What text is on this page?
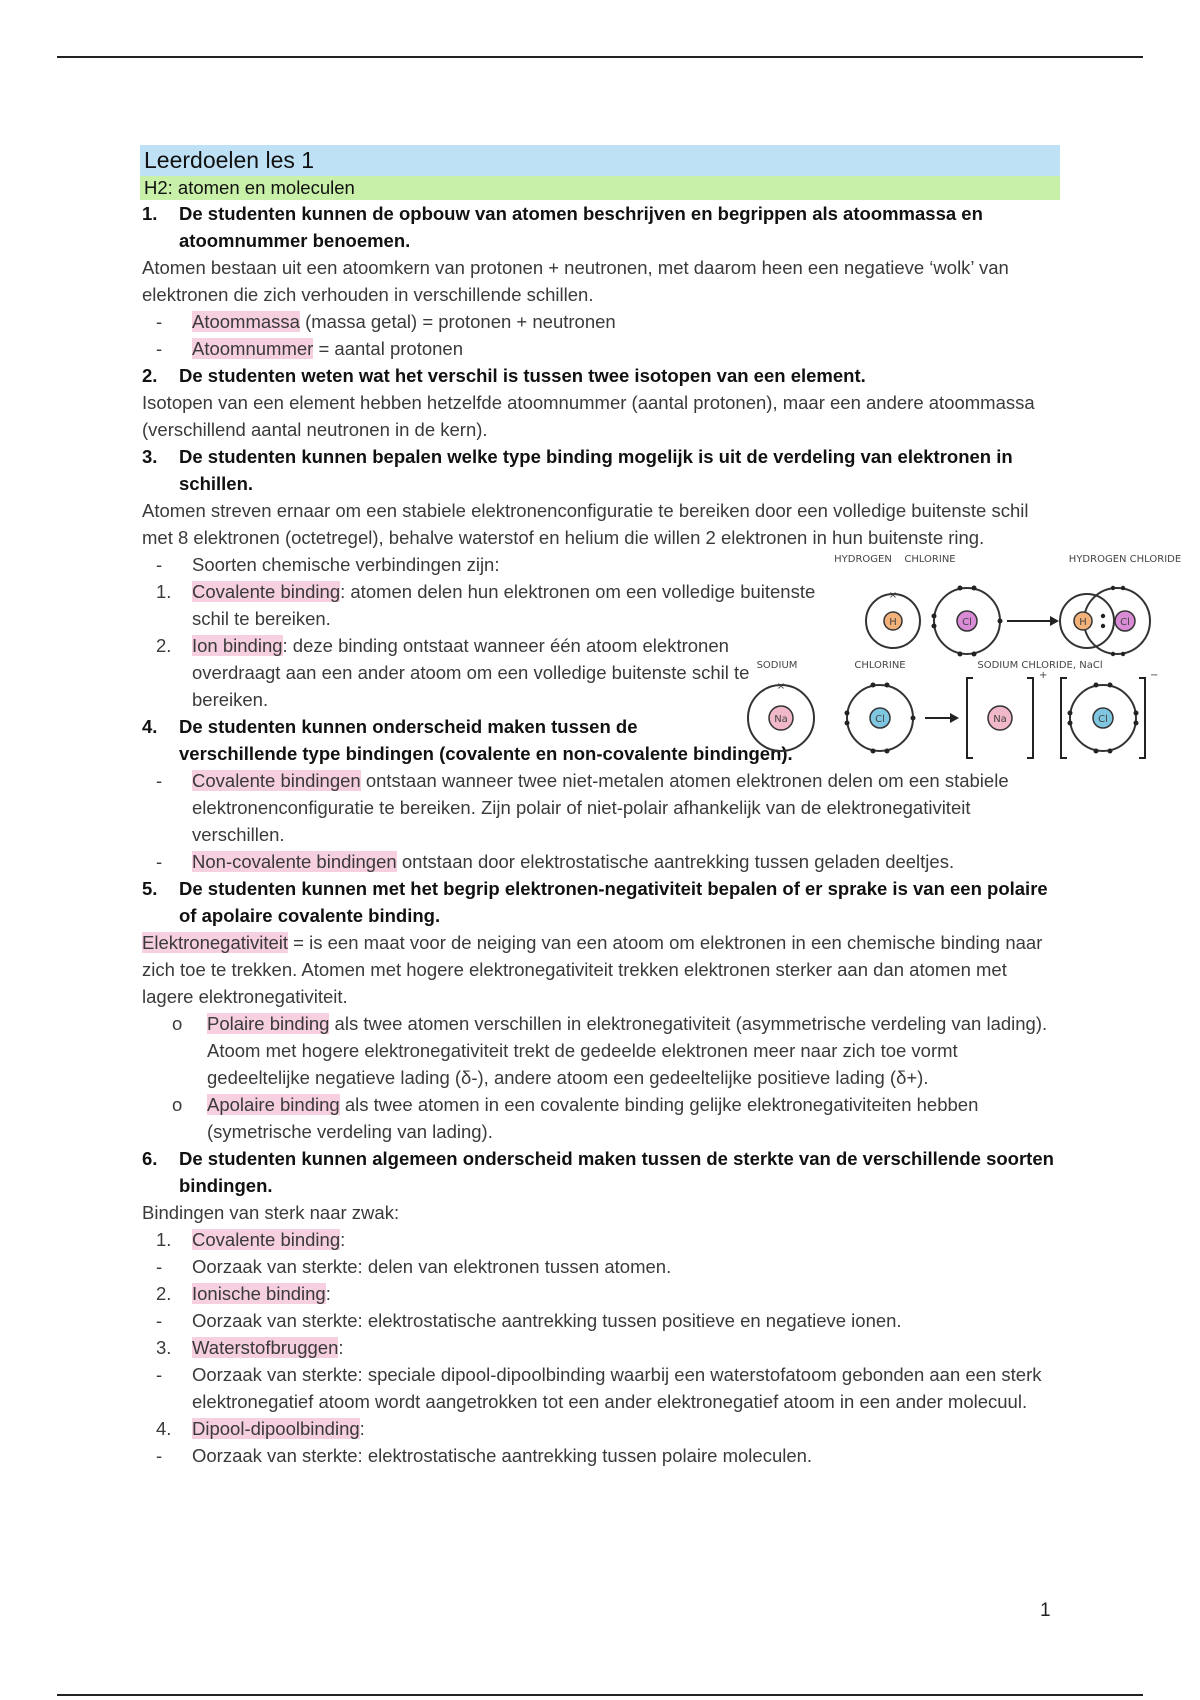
Leerdoelen les 1
H2: atomen en moleculen
1. De studenten kunnen de opbouw van atomen beschrijven en begrippen als atoommassa en atoomnummer benoemen.
Atomen bestaan uit een atoomkern van protonen + neutronen, met daarom heen een negatieve ‘wolk’ van elektronen die zich verhouden in verschillende schillen.
- Atoommassa (massa getal) = protonen + neutronen
- Atoomnummer = aantal protonen
2. De studenten weten wat het verschil is tussen twee isotopen van een element.
Isotopen van een element hebben hetzelfde atoomnummer (aantal protonen), maar een andere atoommassa (verschillend aantal neutronen in de kern).
3. De studenten kunnen bepalen welke type binding mogelijk is uit de verdeling van elektronen in schillen.
Atomen streven ernaar om een stabiele elektronenconfiguratie te bereiken door een volledige buitenste schil met 8 elektronen (octetregel), behalve waterstof en helium die willen 2 elektronen in hun buitenste ring.
- Soorten chemische verbindingen zijn:
1. Covalente binding: atomen delen hun elektronen om een volledige buitenste schil te bereiken.
2. Ion binding: deze binding ontstaat wanneer één atoom elektronen overdraagt aan een ander atoom om een volledige buitenste schil te bereiken.
4. De studenten kunnen onderscheid maken tussen de
verschillende type bindingen (covalente en non-covalente bindingen).
- Covalente bindingen ontstaan wanneer twee niet-metalen atomen elektronen delen om een stabiele elektronenconfiguratie te bereiken. Zijn polair of niet-polair afhankelijk van de elektronegativiteit verschillen.
- Non-covalente bindingen ontstaan door elektrostatische aantrekking tussen geladen deeltjes.
5. De studenten kunnen met het begrip elektronen-negativiteit bepalen of er sprake is van een polaire of apolaire covalente binding.
Elektronegativiteit = is een maat voor de neiging van een atoom om elektronen in een chemische binding naar zich toe te trekken. Atomen met hogere elektronegativiteit trekken elektronen sterker aan dan atomen met lagere elektronegativiteit.
o Polaire binding als twee atomen verschillen in elektronegativiteit (asymmetrische verdeling van lading). Atoom met hogere elektronegativiteit trekt de gedeelde elektronen meer naar zich toe vormt gedeeltelijke negatieve lading (δ-), andere atoom een gedeeltelijke positieve lading (δ+).
o Apolaire binding als twee atomen in een covalente binding gelijke elektronegativiteiten hebben (symetrische verdeling van lading).
6. De studenten kunnen algemeen onderscheid maken tussen de sterkte van de verschillende soorten bindingen.
Bindingen van sterk naar zwak:
1. Covalente binding:
- Oorzaak van sterkte: delen van elektronen tussen atomen.
2. Ionische binding:
- Oorzaak van sterkte: elektrostatische aantrekking tussen positieve en negatieve ionen.
3. Waterstofbruggen:
- Oorzaak van sterkte: speciale dipool-dipoolbinding waarbij een waterstofatoom gebonden aan een sterk elektronegatief atoom wordt aangetrokken tot een ander elektronegatief atoom in een ander molecuul.
4. Dipool-dipoolbinding:
- Oorzaak van sterkte: elektrostatische aantrekking tussen polaire moleculen.
HYDROGEN CHLORINE	HYDROGEN CHLORIDE
H
×
Cl	H	Cl
SODIUM	CHLORINE	SODIUM CHLORIDE, NaCl
Na
×
Cl	Na
+
Cl
−
1
